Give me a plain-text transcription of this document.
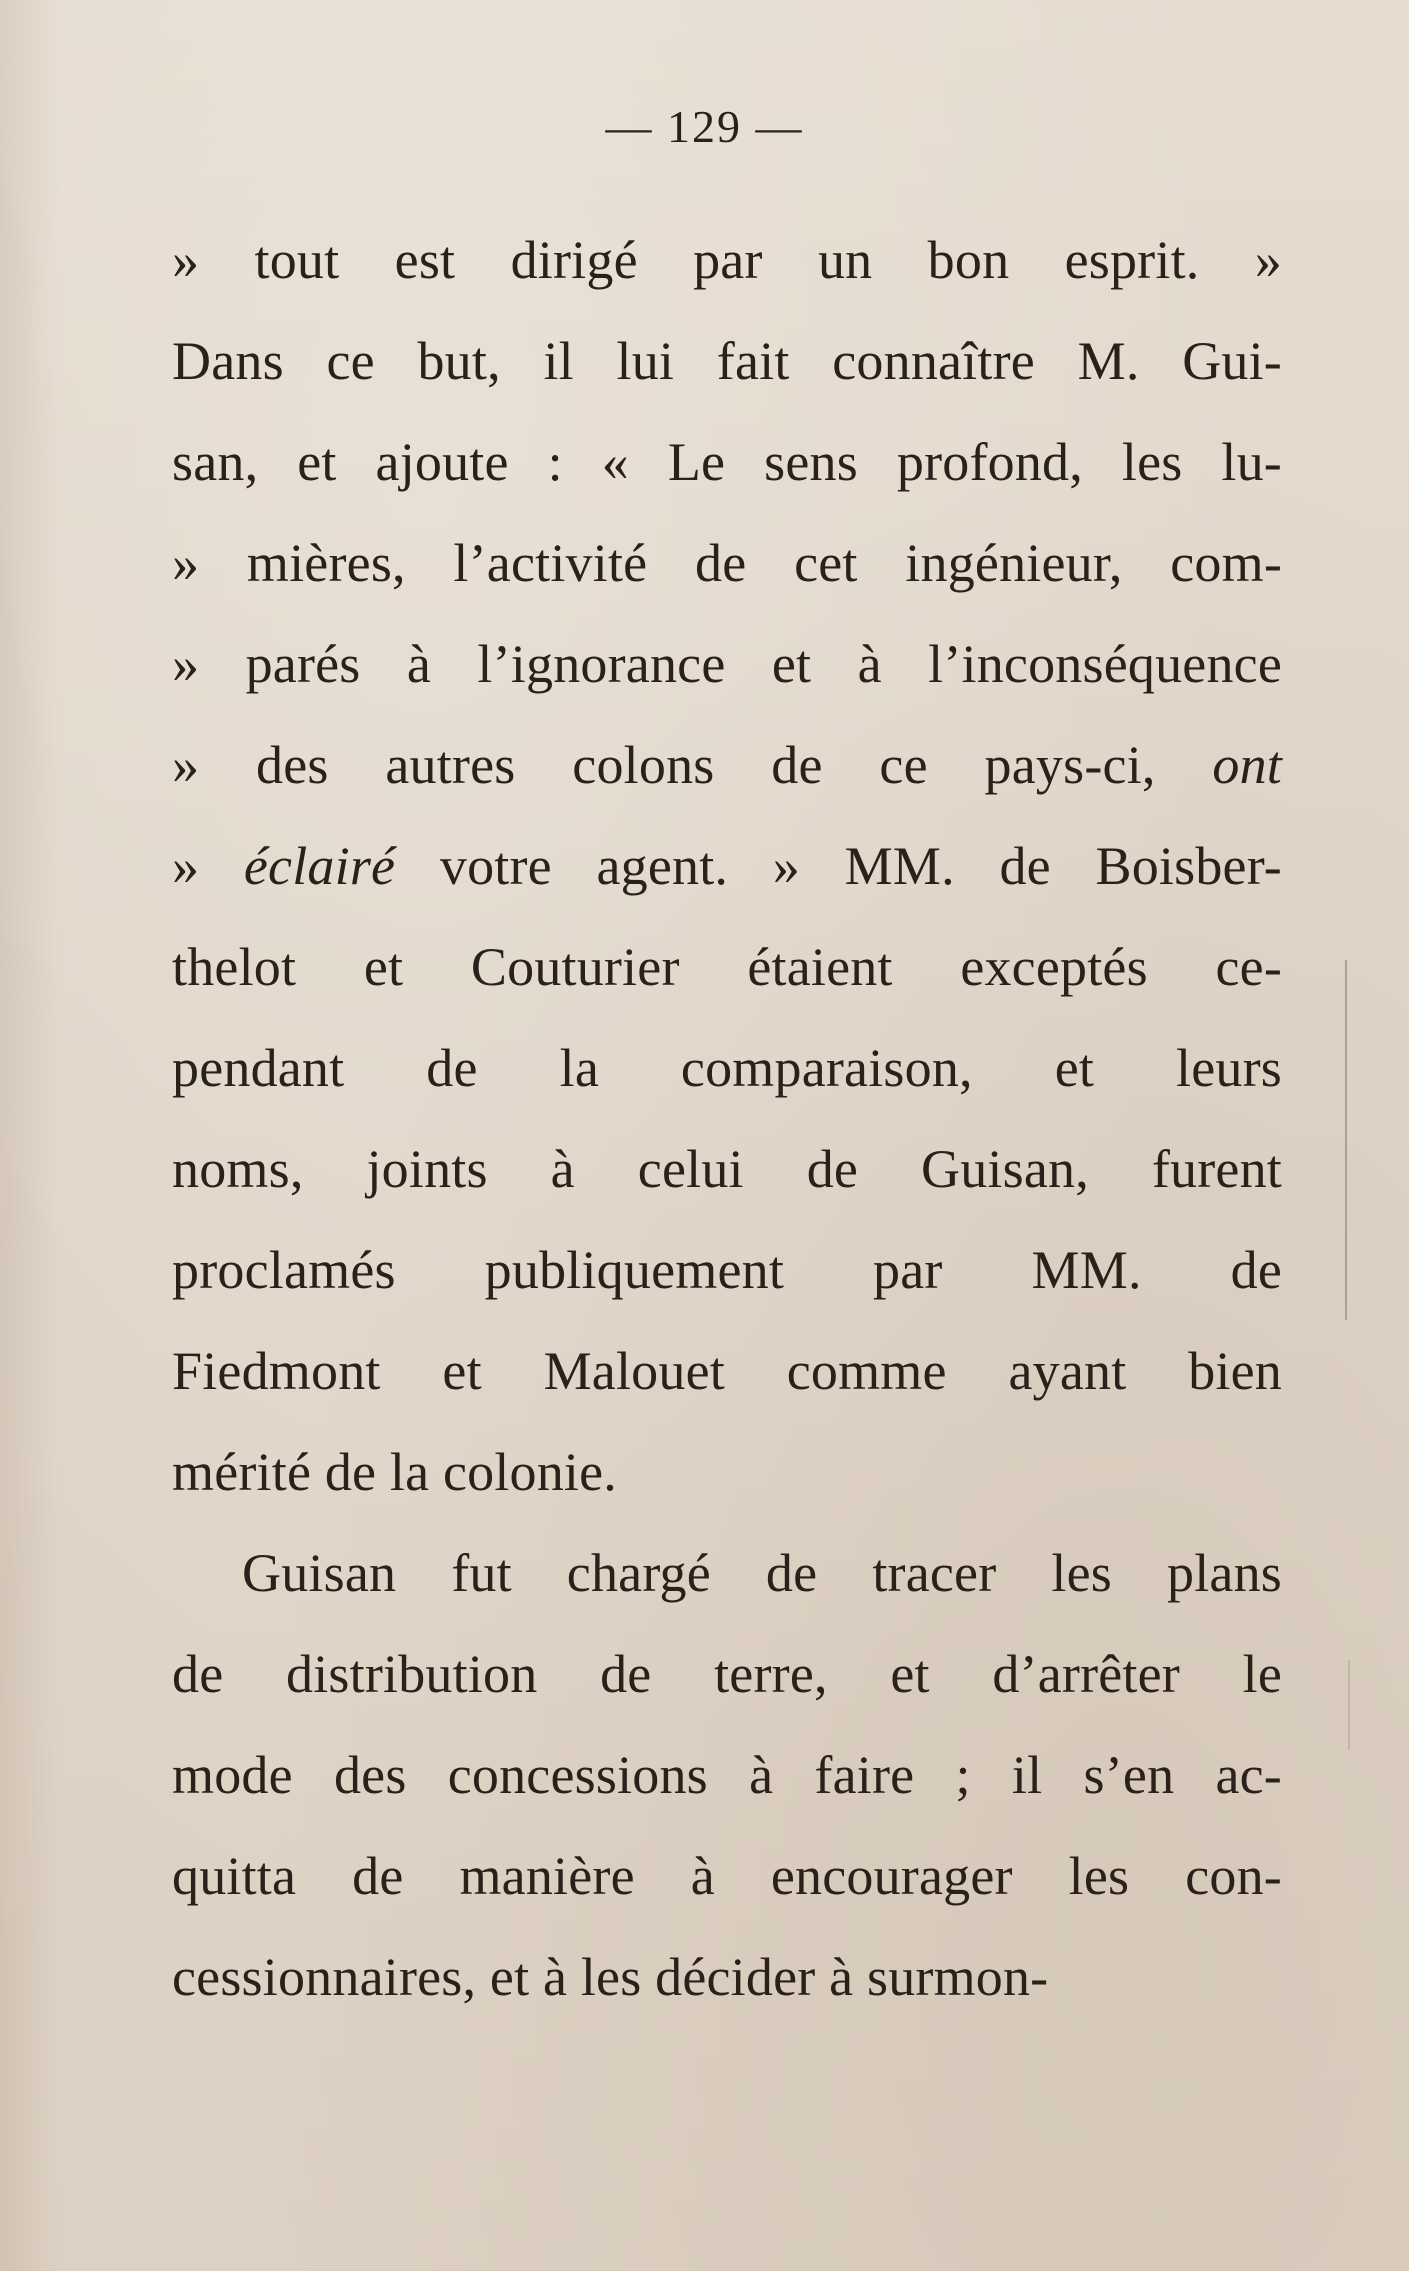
— 129 —
» tout est dirigé par un bon esprit. »
Dans ce but, il lui fait connaître M. Gui-
san, et ajoute : « Le sens profond, les lu-
» mières, l’activité de cet ingénieur, com-
» parés à l’ignorance et à l’inconséquence
» des autres colons de ce pays-ci, ont
» éclairé votre agent. » MM. de Boisber-
thelot et Couturier étaient exceptés ce-
pendant de la comparaison, et leurs
noms, joints à celui de Guisan, furent
proclamés publiquement par MM. de
Fiedmont et Malouet comme ayant bien
mérité de la colonie.
Guisan fut chargé de tracer les plans
de distribution de terre, et d’arrêter le
mode des concessions à faire ; il s’en ac-
quitta de manière à encourager les con-
cessionnaires, et à les décider à surmon-
